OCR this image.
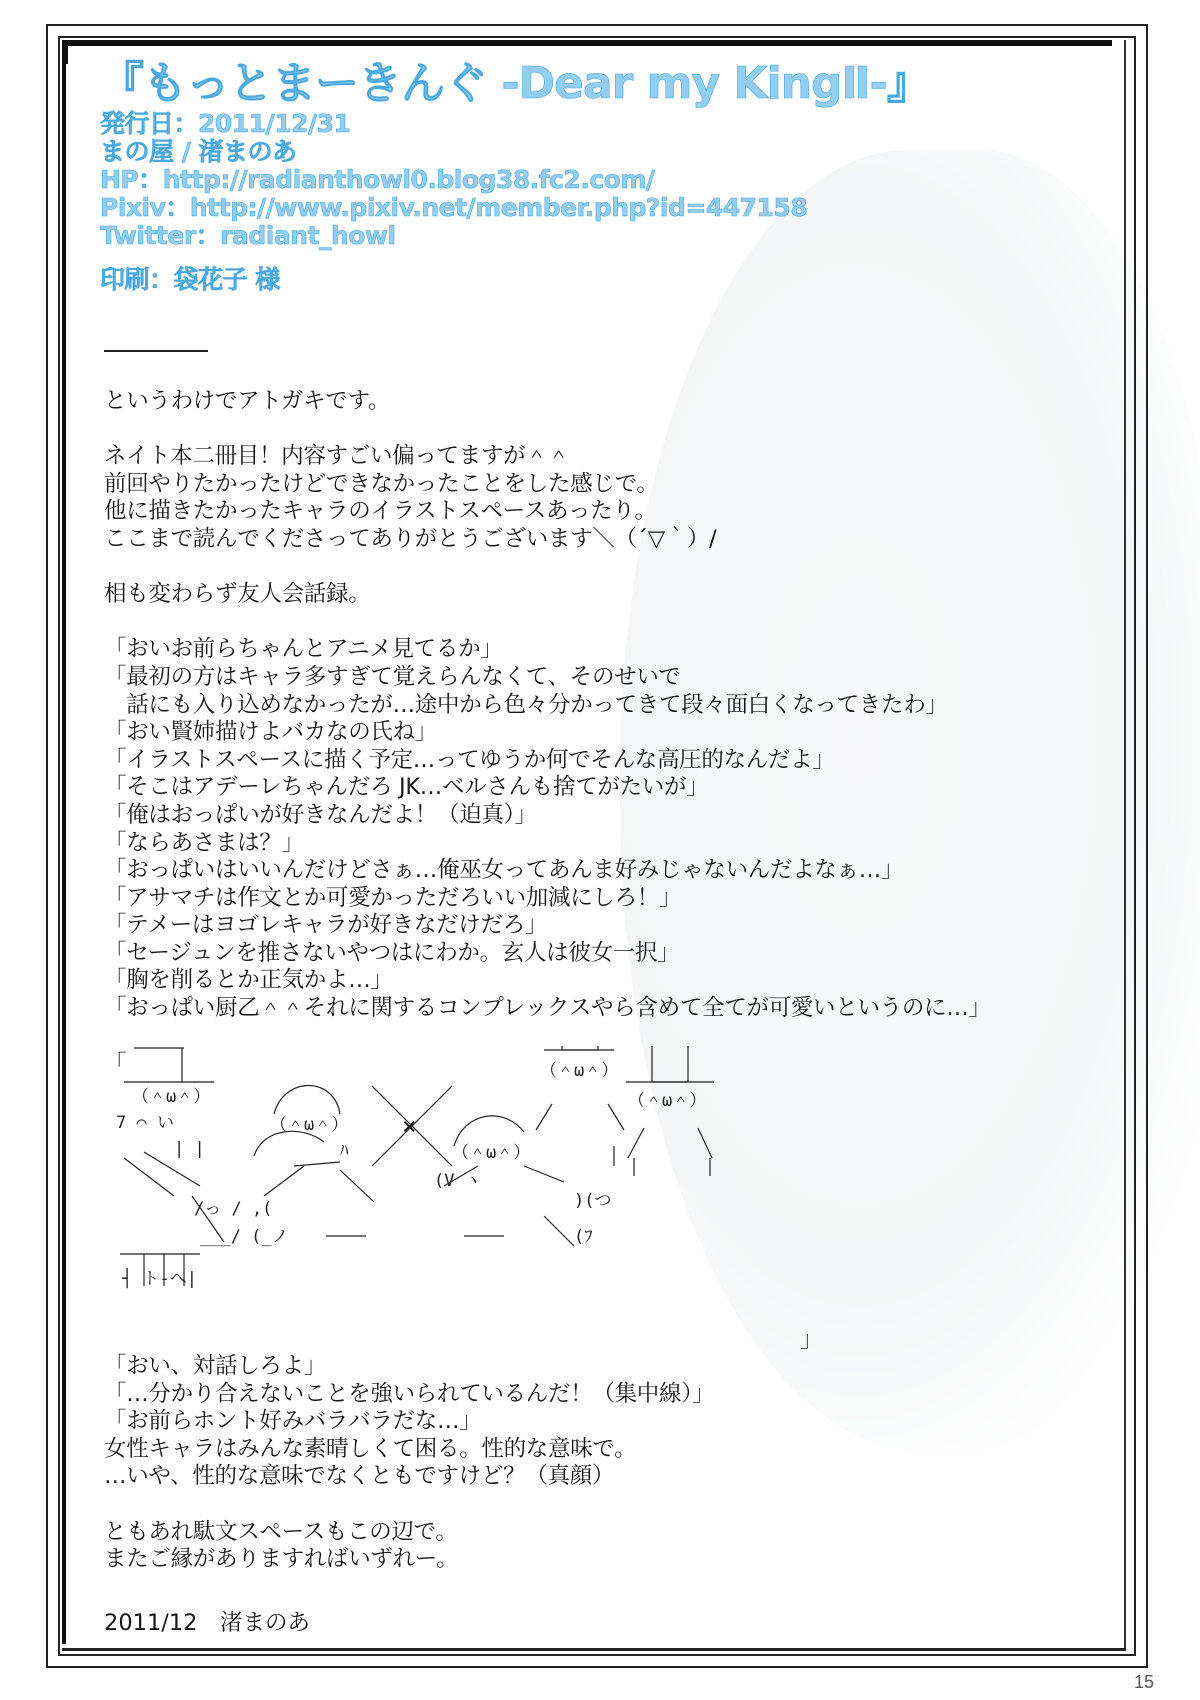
『もっとまーきんぐ -Dear my KingⅡ-』
発行日：2011/12/31
まの屋 / 渚まのあ
HP：http://radianthowl0.blog38.fc2.com/
Pixiv：http://www.pixiv.net/member.php?id=447158
Twitter：radiant_howl
印刷：袋花子 様
というわけでアトガキです。
ネイト本二冊目！内容すごい偏ってますが＾＾
前回やりたかったけどできなかったことをした感じで。
他に描きたかったキャラのイラストスペースあったり。
ここまで読んでくださってありがとうございます＼（´▽｀）/
相も変わらず友人会話録。
「おいお前らちゃんとアニメ見てるか」
「最初の方はキャラ多すぎて覚えらんなくて、そのせいで
　話にも入り込めなかったが…途中から色々分かってきて段々面白くなってきたわ」
「おい賢姉描けよバカなの氏ね」
「イラストスペースに描く予定…ってゆうか何でそんな高圧的なんだよ」
「そこはアデーレちゃんだろ JK…ベルさんも捨てがたいが」
「俺はおっぱいが好きなんだよ！（迫真）」
「ならあさまは？」
「おっぱいはいいんだけどさぁ…俺巫女ってあんま好みじゃないんだよなぁ…」
「アサマチは作文とか可愛かっただろいい加減にしろ！」
「テメーはヨゴレキャラが好きなだけだろ」
「セージュンを推さないやつはにわか。玄人は彼女一択」
「胸を削るとか正気かよ…」
「おっぱい厨乙＾＾それに関するコンプレックスやら含めて全てが可愛いというのに…」
「
（＾ω＾）
7 ⌒ い
| |
/っ / ,(
___/ (_ノ
┤ ト-へ|
（＾ω＾）
ﾊ
×
（＾ω＾）
(V ヽ
)(つ
(ﾌ
（＾ω＾）
（＾ω＾）
」
「おい、対話しろよ」
「…分かり合えないことを強いられているんだ！（集中線）」
「お前らホント好みバラバラだな…」
女性キャラはみんな素晴しくて困る。性的な意味で。
…いや、性的な意味でなくともですけど？（真顔）
ともあれ駄文スペースもこの辺で。
またご縁がありますればいずれー。
2011/12　渚まのあ
15
